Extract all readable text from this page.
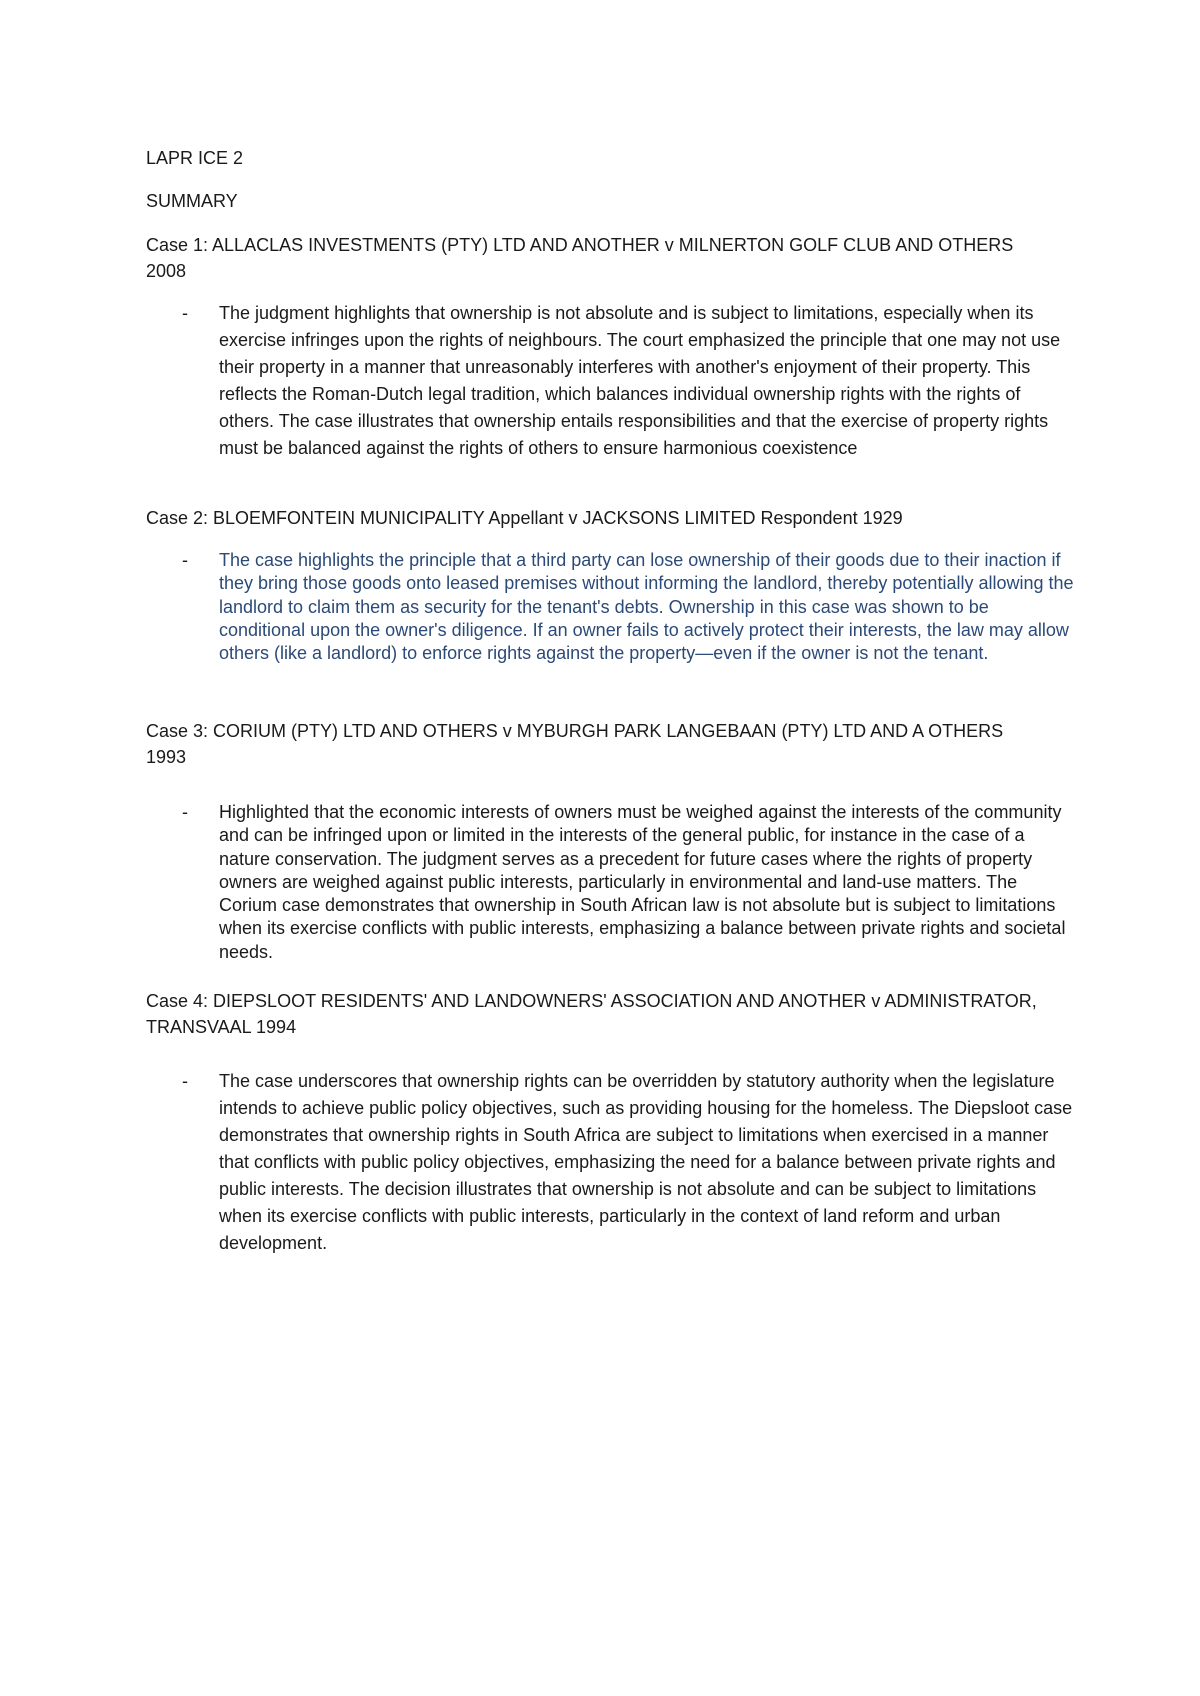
LAPR ICE 2
SUMMARY
Case 1: ALLACLAS INVESTMENTS (PTY) LTD AND ANOTHER v MILNERTON GOLF CLUB AND OTHERS 2008
- The judgment highlights that ownership is not absolute and is subject to limitations, especially when its exercise infringes upon the rights of neighbours. The court emphasized the principle that one may not use their property in a manner that unreasonably interferes with another's enjoyment of their property. This reflects the Roman-Dutch legal tradition, which balances individual ownership rights with the rights of others. The case illustrates that ownership entails responsibilities and that the exercise of property rights must be balanced against the rights of others to ensure harmonious coexistence
Case 2: BLOEMFONTEIN MUNICIPALITY Appellant v JACKSONS LIMITED Respondent 1929
- The case highlights the principle that a third party can lose ownership of their goods due to their inaction if they bring those goods onto leased premises without informing the landlord, thereby potentially allowing the landlord to claim them as security for the tenant's debts. Ownership in this case was shown to be conditional upon the owner's diligence. If an owner fails to actively protect their interests, the law may allow others (like a landlord) to enforce rights against the property—even if the owner is not the tenant.
Case 3: CORIUM (PTY) LTD AND OTHERS v MYBURGH PARK LANGEBAAN (PTY) LTD AND A OTHERS 1993
- Highlighted that the economic interests of owners must be weighed against the interests of the community and can be infringed upon or limited in the interests of the general public, for instance in the case of a nature conservation. The judgment serves as a precedent for future cases where the rights of property owners are weighed against public interests, particularly in environmental and land-use matters. The Corium case demonstrates that ownership in South African law is not absolute but is subject to limitations when its exercise conflicts with public interests, emphasizing a balance between private rights and societal needs.
Case 4: DIEPSLOOT RESIDENTS' AND LANDOWNERS' ASSOCIATION AND ANOTHER v ADMINISTRATOR, TRANSVAAL 1994
- The case underscores that ownership rights can be overridden by statutory authority when the legislature intends to achieve public policy objectives, such as providing housing for the homeless. The Diepsloot case demonstrates that ownership rights in South Africa are subject to limitations when exercised in a manner that conflicts with public policy objectives, emphasizing the need for a balance between private rights and public interests. The decision illustrates that ownership is not absolute and can be subject to limitations when its exercise conflicts with public interests, particularly in the context of land reform and urban development.
